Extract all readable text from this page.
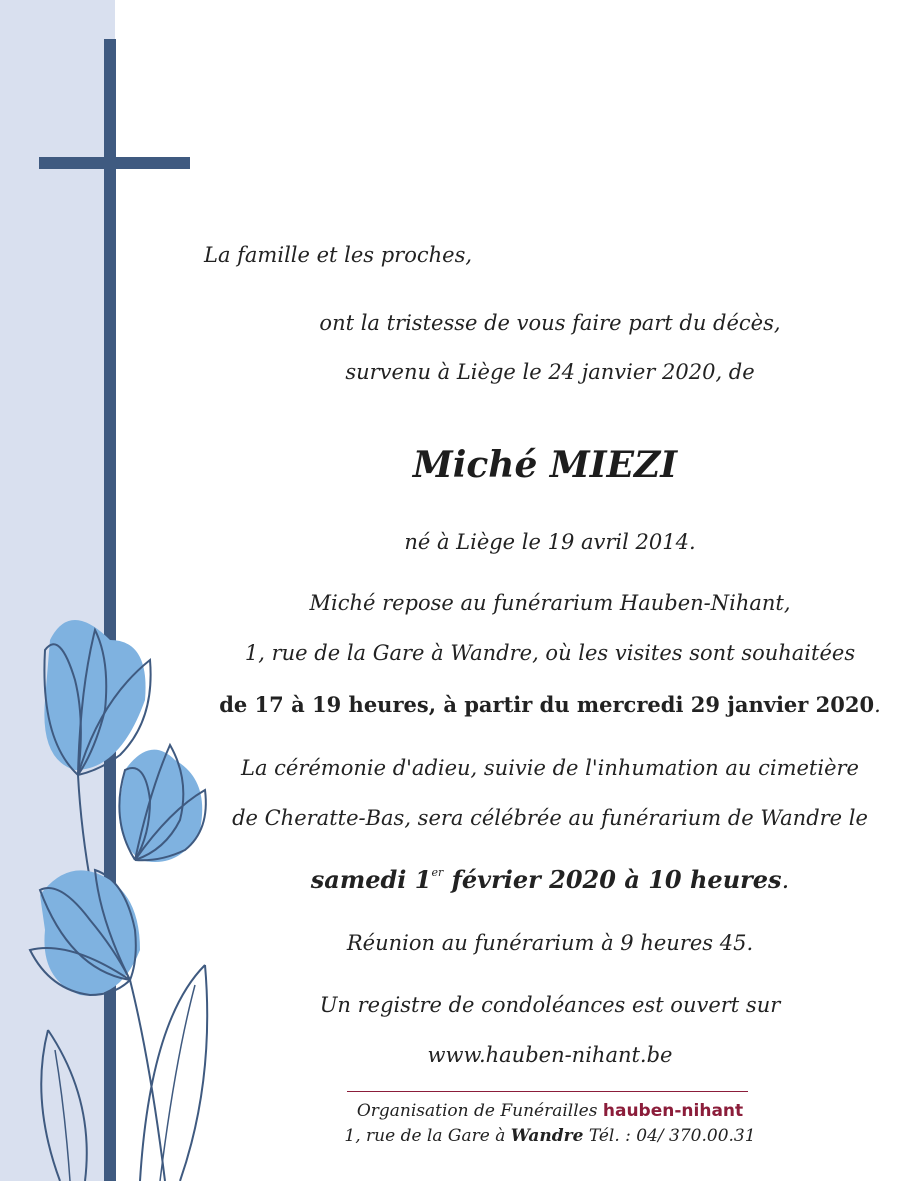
La famille et les proches,
ont la tristesse de vous faire part du décès,
survenu à Liège le 24 janvier 2020, de
Miché MIEZI
né à Liège le 19 avril 2014.
Miché repose au funérarium Hauben-Nihant,
1, rue de la Gare à Wandre, où les visites sont souhaitées
de 17 à 19 heures, à partir du mercredi 29 janvier 2020.
La cérémonie d'adieu, suivie de l'inhumation au cimetière
de Cheratte-Bas, sera célébrée au funérarium de Wandre le
samedi 1er février 2020 à 10 heures.
Réunion au funérarium à 9 heures 45.
Un registre de condoléances est ouvert sur
www.hauben-nihant.be
Organisation de Funérailles hauben-nihant
1, rue de la Gare à Wandre Tél. : 04/ 370.00.31
